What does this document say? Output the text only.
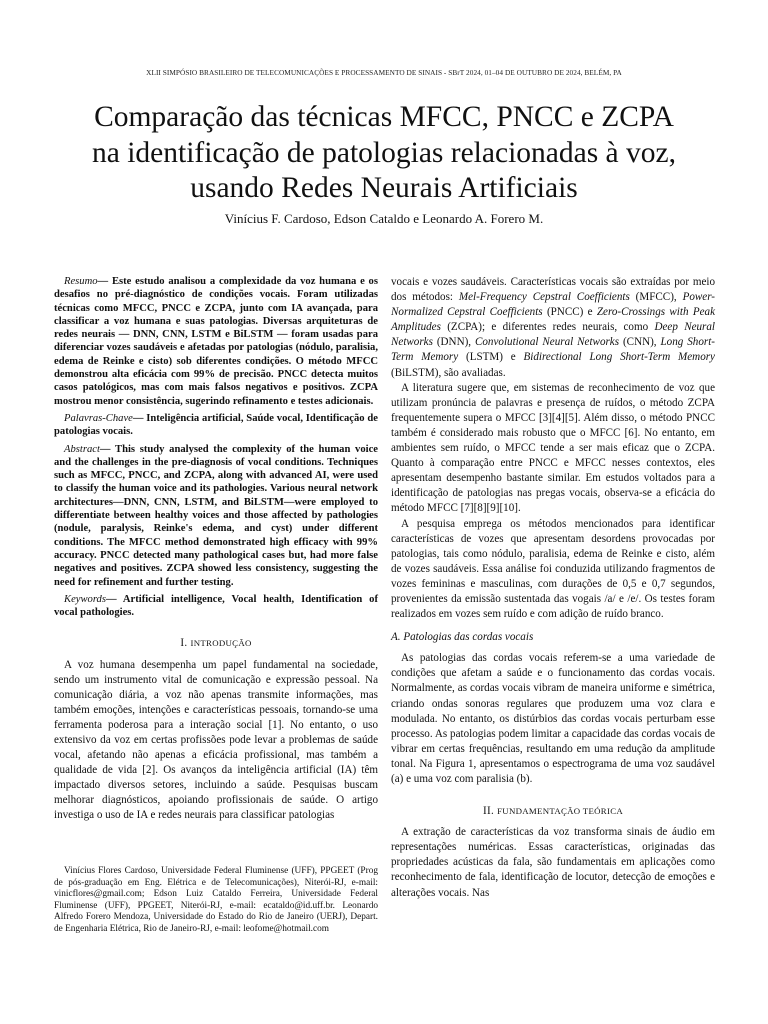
XLII SIMPÓSIO BRASILEIRO DE TELECOMUNICAÇÕES E PROCESSAMENTO DE SINAIS - SBrT 2024, 01–04 DE OUTUBRO DE 2024, BELÉM, PA
Comparação das técnicas MFCC, PNCC e ZCPA
na identificação de patologias relacionadas à voz,
usando Redes Neurais Artificiais
Vinícius F. Cardoso, Edson Cataldo e Leonardo A. Forero M.

Resumo— Este estudo analisou a complexidade da voz humana e os desafios no pré-diagnóstico de condições vocais. Foram utilizadas técnicas como MFCC, PNCC e ZCPA, junto com IA avançada, para classificar a voz humana e suas patologias. Diversas arquiteturas de redes neurais — DNN, CNN, LSTM e BiLSTM — foram usadas para diferenciar vozes saudáveis e afetadas por patologias (nódulo, paralisia, edema de Reinke e cisto) sob diferentes condições. O método MFCC demonstrou alta eficácia com 99% de precisão. PNCC detecta muitos casos patológicos, mas com mais falsos negativos e positivos. ZCPA mostrou menor consistência, sugerindo refinamento e testes adicionais.

Palavras-Chave— Inteligência artificial, Saúde vocal, Identificação de patologias vocais.

Abstract— This study analysed the complexity of the human voice and the challenges in the pre-diagnosis of vocal conditions. Techniques such as MFCC, PNCC, and ZCPA, along with advanced AI, were used to classify the human voice and its pathologies. Various neural network architectures—DNN, CNN, LSTM, and BiLSTM—were employed to differentiate between healthy voices and those affected by pathologies (nodule, paralysis, Reinke's edema, and cyst) under different conditions. The MFCC method demonstrated high efficacy with 99% accuracy. PNCC detected many pathological cases but, had more false negatives and positives. ZCPA showed less consistency, suggesting the need for refinement and further testing.

Keywords— Artificial intelligence, Vocal health, Identification of vocal pathologies.

I. INTRODUÇÃO

A voz humana desempenha um papel fundamental na sociedade, sendo um instrumento vital de comunicação e expressão pessoal. Na comunicação diária, a voz não apenas transmite informações, mas também emoções, intenções e características pessoais, tornando-se uma ferramenta poderosa para a interação social [1]. No entanto, o uso extensivo da voz em certas profissões pode levar a problemas de saúde vocal, afetando não apenas a eficácia profissional, mas também a qualidade de vida [2]. Os avanços da inteligência artificial (IA) têm impactado diversos setores, incluindo a saúde. Pesquisas buscam melhorar diagnósticos, apoiando profissionais de saúde. O artigo investiga o uso de IA e redes neurais para classificar patologias

Vinícius Flores Cardoso, Universidade Federal Fluminense (UFF), PPGEET (Prog de pós-graduação em Eng. Elétrica e de Telecomunicações), Niterói-RJ, e-mail: vinicflores@gmail.com; Edson Luiz Cataldo Ferreira, Universidade Federal Fluminense (UFF), PPGEET, Niterói-RJ, e-mail: ecataldo@id.uff.br. Leonardo Alfredo Forero Mendoza, Universidade do Estado do Rio de Janeiro (UERJ), Depart. de Engenharia Elétrica, Rio de Janeiro-RJ, e-mail: leofome@hotmail.com

vocais e vozes saudáveis. Características vocais são extraídas por meio dos métodos: Mel-Frequency Cepstral Coefficients (MFCC), Power-Normalized Cepstral Coefficients (PNCC) e Zero-Crossings with Peak Amplitudes (ZCPA); e diferentes redes neurais, como Deep Neural Networks (DNN), Convolutional Neural Networks (CNN), Long Short-Term Memory (LSTM) e Bidirectional Long Short-Term Memory (BiLSTM), são avaliadas.

A literatura sugere que, em sistemas de reconhecimento de voz que utilizam pronúncia de palavras e presença de ruídos, o método ZCPA frequentemente supera o MFCC [3][4][5]. Além disso, o método PNCC também é considerado mais robusto que o MFCC [6]. No entanto, em ambientes sem ruído, o MFCC tende a ser mais eficaz que o ZCPA. Quanto à comparação entre PNCC e MFCC nesses contextos, eles apresentam desempenho bastante similar. Em estudos voltados para a identificação de patologias nas pregas vocais, observa-se a eficácia do método MFCC [7][8][9][10].

A pesquisa emprega os métodos mencionados para identificar características de vozes que apresentam desordens provocadas por patologias, tais como nódulo, paralisia, edema de Reinke e cisto, além de vozes saudáveis. Essa análise foi conduzida utilizando fragmentos de vozes femininas e masculinas, com durações de 0,5 e 0,7 segundos, provenientes da emissão sustentada das vogais /a/ e /e/. Os testes foram realizados em vozes sem ruído e com adição de ruído branco.

A. Patologias das cordas vocais

As patologias das cordas vocais referem-se a uma variedade de condições que afetam a saúde e o funcionamento das cordas vocais. Normalmente, as cordas vocais vibram de maneira uniforme e simétrica, criando ondas sonoras regulares que produzem uma voz clara e modulada. No entanto, os distúrbios das cordas vocais perturbam esse processo. As patologias podem limitar a capacidade das cordas vocais de vibrar em certas frequências, resultando em uma redução da amplitude tonal. Na Figura 1, apresentamos o espectrograma de uma voz saudável (a) e uma voz com paralisia (b).

II. FUNDAMENTAÇÃO TEÓRICA

A extração de características da voz transforma sinais de áudio em representações numéricas. Essas características, originadas das propriedades acústicas da fala, são fundamentais em aplicações como reconhecimento de fala, identificação de locutor, detecção de emoções e alterações vocais. Nas
